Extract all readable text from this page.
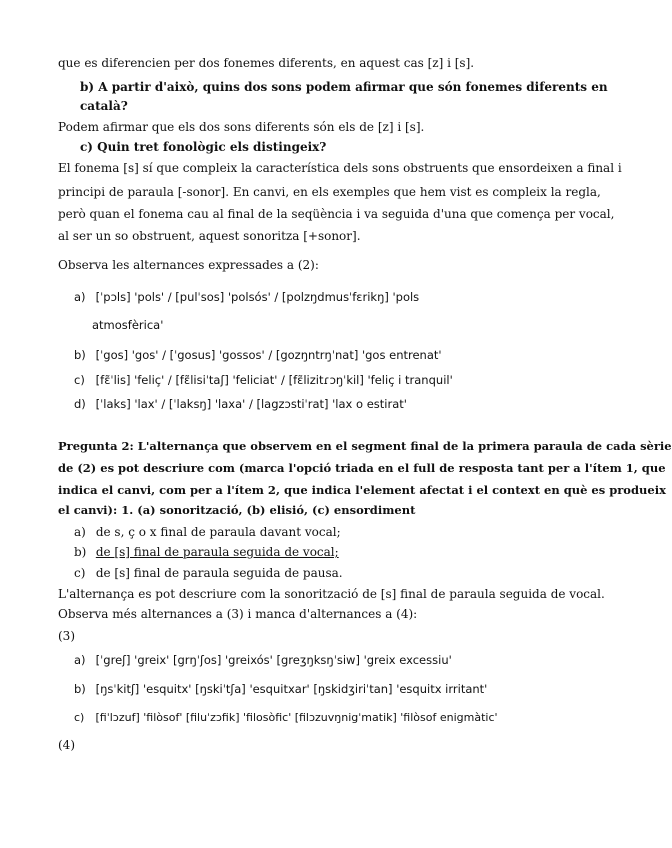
que es diferencien per dos fonemes diferents, en aquest cas [z] i [s].
b) A partir d'això, quins dos sons podem afirmar que són fonemes diferents en
català?
Podem afirmar que els dos sons diferents són els de [z] i [s].
c) Quin tret fonològic els distingeix?
El fonema [s] sí que compleix la característica dels sons obstruents que ensordeixen a final i
principi de paraula [-sonor]. En canvi, en els exemples que hem vist es compleix la regla,
però quan el fonema cau al final de la seqüència i va seguida d'una que comença per vocal,
al ser un so obstruent, aquest sonoritza [+sonor].
Observa les alternances expressades a (2):
a) [ˈpɔls] 'pols' / [pulˈsos] 'polsós' / [polzŋdmusˈfɛrikŋ] 'pols
atmosfèrica'
b) [ˈgos] 'gos' / [ˈgosus] 'gossos' / [gozŋntrŋˈnat] 'gos entrenat'
c) [fɛ̃ˈlis] 'feliç' / [fɛ̃lisiˈtaʃ] 'feliciat' / [fɛ̃lizitɾɔŋˈkil] 'feliç i tranquil'
d) [ˈlaks] 'lax' / [ˈlaksŋ] 'laxa' / [lagzɔstiˈrat] 'lax o estirat'
Pregunta 2: L'alternança que observem en el segment final de la primera paraula de cada sèrie
de (2) es pot descriure com (marca l'opció triada en el full de resposta tant per a l'ítem 1, que
indica el canvi, com per a l'ítem 2, que indica l'element afectat i el context en què es produeix
el canvi): 1. (a) sonorització, (b) elisió, (c) ensordiment
a) de s, ç o x final de paraula davant vocal;
b) de [s] final de paraula seguida de vocal;
c) de [s] final de paraula seguida de pausa.
L'alternança es pot descriure com la sonorització de [s] final de paraula seguida de vocal.
Observa més alternances a (3) i manca d'alternances a (4):
(3)
a) [ˈgreʃ] 'greix' [grŋˈʃos] 'greixós' [greʒŋksŋˈsiw] 'greix excessiu'
b) [ŋsˈkitʃ] 'esquitx' [ŋskiˈtʃa] 'esquitxar' [ŋskidʒiriˈtan] 'esquitx irritant'
c) [fiˈlɔzuf] 'filòsof' [filuˈzɔfik] 'filosòfic' [filɔzuvŋnigˈmatik] 'filòsof enigmàtic'
(4)
